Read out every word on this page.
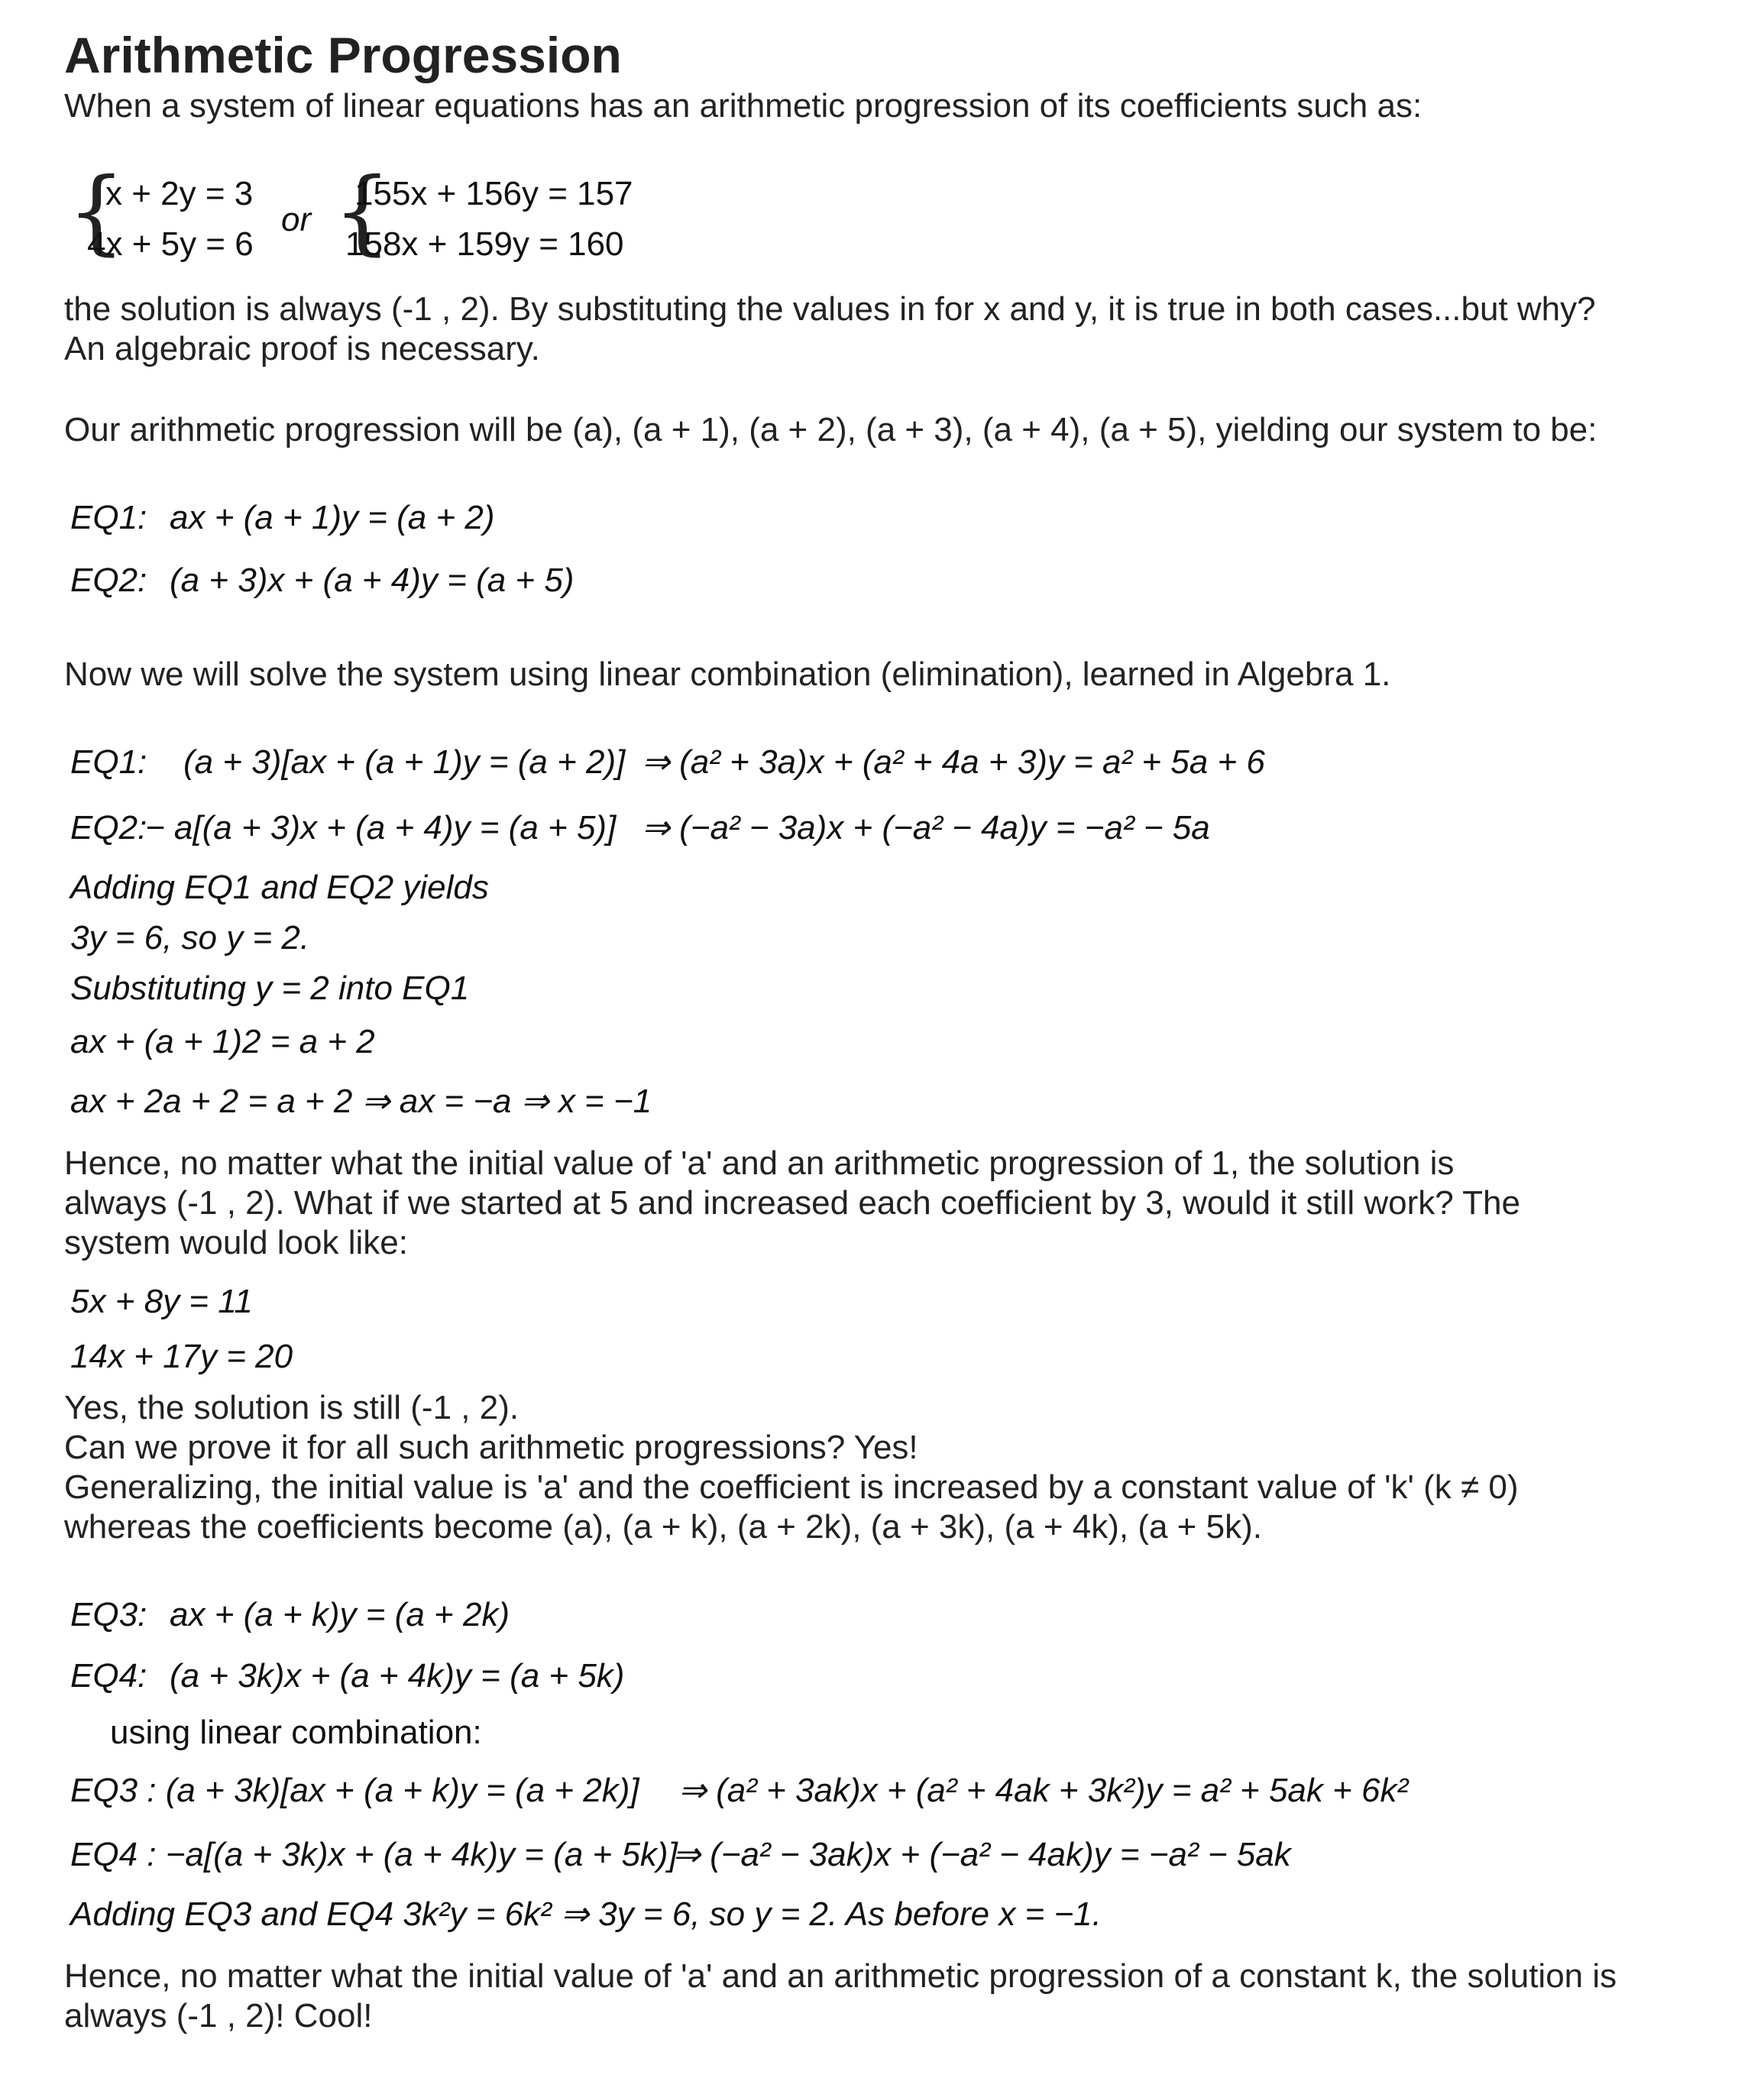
Arithmetic Progression
When a system of linear equations has an arithmetic progression of its coefficients such as:
{
x + 2y = 3
4x + 5y = 6
or {
155x + 156y = 157
158x + 159y = 160
the solution is always (-1 , 2). By substituting the values in for x and y, it is true in both cases...but why?
An algebraic proof is necessary.
Our arithmetic progression will be (a), (a + 1), (a + 2), (a + 3), (a + 4), (a + 5), yielding our system to be:
EQ1: ax + (a + 1)y = (a + 2)
EQ2: (a + 3)x + (a + 4)y = (a + 5)
Now we will solve the system using linear combination (elimination), learned in Algebra 1.
EQ1: (a + 3)[ax + (a + 1)y = (a + 2)] ⇒ (a² + 3a)x + (a² + 4a + 3)y = a² + 5a + 6
EQ2:
− a[(a + 3)x + (a + 4)y = (a + 5)] ⇒ (−a² − 3a)x + (−a² − 4a)y = −a² − 5a
Adding EQ1 and EQ2 yields
3y = 6, so y = 2.
Substituting y = 2 into EQ1
ax + (a + 1)2 = a + 2
ax + 2a + 2 = a + 2 ⇒ ax = −a ⇒ x = −1
Hence, no matter what the initial value of 'a' and an arithmetic progression of 1, the solution is
always (-1 , 2). What if we started at 5 and increased each coefficient by 3, would it still work? The
system would look like:
5x + 8y = 11
14x + 17y = 20
Yes, the solution is still (-1 , 2).
Can we prove it for all such arithmetic progressions? Yes!
Generalizing, the initial value is 'a' and the coefficient is increased by a constant value of 'k' (k ≠ 0)
whereas the coefficients become (a), (a + k), (a + 2k), (a + 3k), (a + 4k), (a + 5k).
EQ3: ax + (a + k)y = (a + 2k)
EQ4: (a + 3k)x + (a + 4k)y = (a + 5k)
using linear combination:
EQ3 : (a + 3k)[ax + (a + k)y = (a + 2k)] ⇒ (a² + 3ak)x + (a² + 4ak + 3k²)y = a² + 5ak + 6k²
EQ4 : −a[(a + 3k)x + (a + 4k)y = (a + 5k)]
⇒ (−a² − 3ak)x + (−a² − 4ak)y = −a² − 5ak
Adding EQ3 and EQ4 3k²y = 6k² ⇒ 3y = 6, so y = 2. As before x = −1.
Hence, no matter what the initial value of 'a' and an arithmetic progression of a constant k, the solution is
always (-1 , 2)! Cool!
